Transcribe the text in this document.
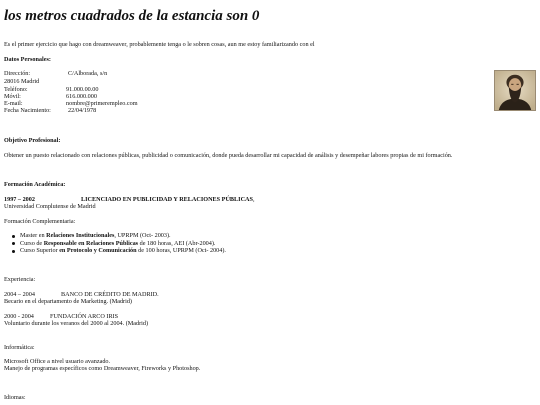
los metros cuadrados de la estancia son 0
Es el primer ejercicio que hago con dreamweaver, probablemente tenga o le sobren cosas, aun me estoy familiarizando con el
Datos Personales:
Dirección:	C/Alborada, s/n
28016 Madrid
Teléfono:	91.000.00.00
Móvil:	616.000.000
E-mail:	nombre@primerempleo.com
Fecha Nacimiento:	22/04/1978
Objetivo Profesional:
Obtener un puesto relacionado con relaciones públicas, publicidad o comunicación, donde pueda desarrollar mi capacidad de análisis y desempeñar labores propias de mi formación.
Formación Académica:
1997 – 2002	LICENCIADO EN PUBLICIDAD Y RELACIONES PÚBLICAS,
Universidad Complutense de Madrid
Formación Complementaria:
Master en Relaciones Institucionales, UPRPM (Oct- 2003).
Curso de Responsable en Relaciones Públicas de 180 horas, AEI (Abr-2004).
Curso Superior en Protocolo y Comunicación de 100 horas, UPRPM (Oct- 2004).
Experiencia:
2004 – 2004	BANCO DE CRÉDITO DE MADRID.
Becario en el departamento de Marketing. (Madrid)
2000 - 2004	FUNDACIÓN ARCO IRIS
Voluntario durante los veranos del 2000 al 2004. (Madrid)
Informática:
Microsoft Office a nivel usuario avanzado.
Manejo de programas específicos como Dreamweaver, Fireworks y Photoshop.
Idiomas:
